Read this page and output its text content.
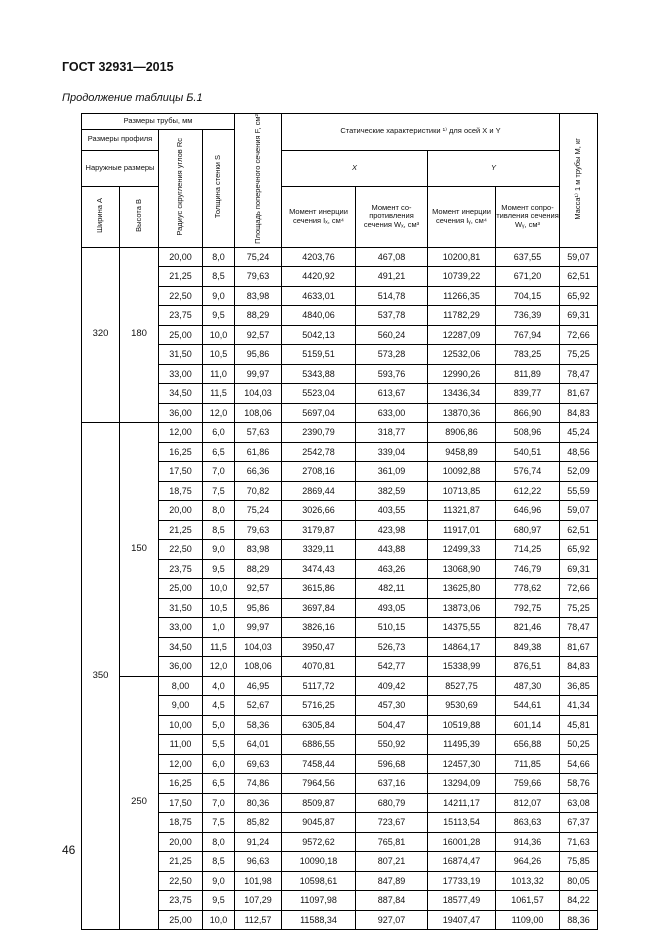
ГОСТ 32931—2015
Продолжение таблицы Б.1
Размеры трубы, мм				Площадь поперечного сечения F, см²	Статические характеристики ¹⁾ для осей X и Y				Масса¹⁾ 1 м трубы M, кг
Размеры профиля		Радиус скругления углов Rc	Толщина стенки S						
Наружные размеры					X		Y		
Ширина A	Высота B				Момент инерции сечения Iₓ, см⁴	Момент со-противления сечения Wₓ, см³	Момент инерции сечения Iᵧ, см⁴	Момент сопро-тивления сечения Wᵧ, см³	
320	180	20,00	8,0	75,24	4203,76	467,08	10200,81	637,55	59,07
		21,25	8,5	79,63	4420,92	491,21	10739,22	671,20	62,51
		22,50	9,0	83,98	4633,01	514,78	11266,35	704,15	65,92
		23,75	9,5	88,29	4840,06	537,78	11782,29	736,39	69,31
		25,00	10,0	92,57	5042,13	560,24	12287,09	767,94	72,66
		31,50	10,5	95,86	5159,51	573,28	12532,06	783,25	75,25
		33,00	11,0	99,97	5343,88	593,76	12990,26	811,89	78,47
		34,50	11,5	104,03	5523,04	613,67	13436,34	839,77	81,67
		36,00	12,0	108,06	5697,04	633,00	13870,36	866,90	84,83
350	150	12,00	6,0	57,63	2390,79	318,77	8906,86	508,96	45,24
		16,25	6,5	61,86	2542,78	339,04	9458,89	540,51	48,56
		17,50	7,0	66,36	2708,16	361,09	10092,88	576,74	52,09
		18,75	7,5	70,82	2869,44	382,59	10713,85	612,22	55,59
		20,00	8,0	75,24	3026,66	403,55	11321,87	646,96	59,07
		21,25	8,5	79,63	3179,87	423,98	11917,01	680,97	62,51
		22,50	9,0	83,98	3329,11	443,88	12499,33	714,25	65,92
		23,75	9,5	88,29	3474,43	463,26	13068,90	746,79	69,31
		25,00	10,0	92,57	3615,86	482,11	13625,80	778,62	72,66
		31,50	10,5	95,86	3697,84	493,05	13873,06	792,75	75,25
		33,00	1,0	99,97	3826,16	510,15	14375,55	821,46	78,47
		34,50	11,5	104,03	3950,47	526,73	14864,17	849,38	81,67
		36,00	12,0	108,06	4070,81	542,77	15338,99	876,51	84,83
	250	8,00	4,0	46,95	5117,72	409,42	8527,75	487,30	36,85
		9,00	4,5	52,67	5716,25	457,30	9530,69	544,61	41,34
		10,00	5,0	58,36	6305,84	504,47	10519,88	601,14	45,81
		11,00	5,5	64,01	6886,55	550,92	11495,39	656,88	50,25
		12,00	6,0	69,63	7458,44	596,68	12457,30	711,85	54,66
		16,25	6,5	74,86	7964,56	637,16	13294,09	759,66	58,76
		17,50	7,0	80,36	8509,87	680,79	14211,17	812,07	63,08
		18,75	7,5	85,82	9045,87	723,67	15113,54	863,63	67,37
		20,00	8,0	91,24	9572,62	765,81	16001,28	914,36	71,63
		21,25	8,5	96,63	10090,18	807,21	16874,47	964,26	75,85
		22,50	9,0	101,98	10598,61	847,89	17733,19	1013,32	80,05
		23,75	9,5	107,29	11097,98	887,84	18577,49	1061,57	84,22
		25,00	10,0	112,57	11588,34	927,07	19407,47	1109,00	88,36
46
